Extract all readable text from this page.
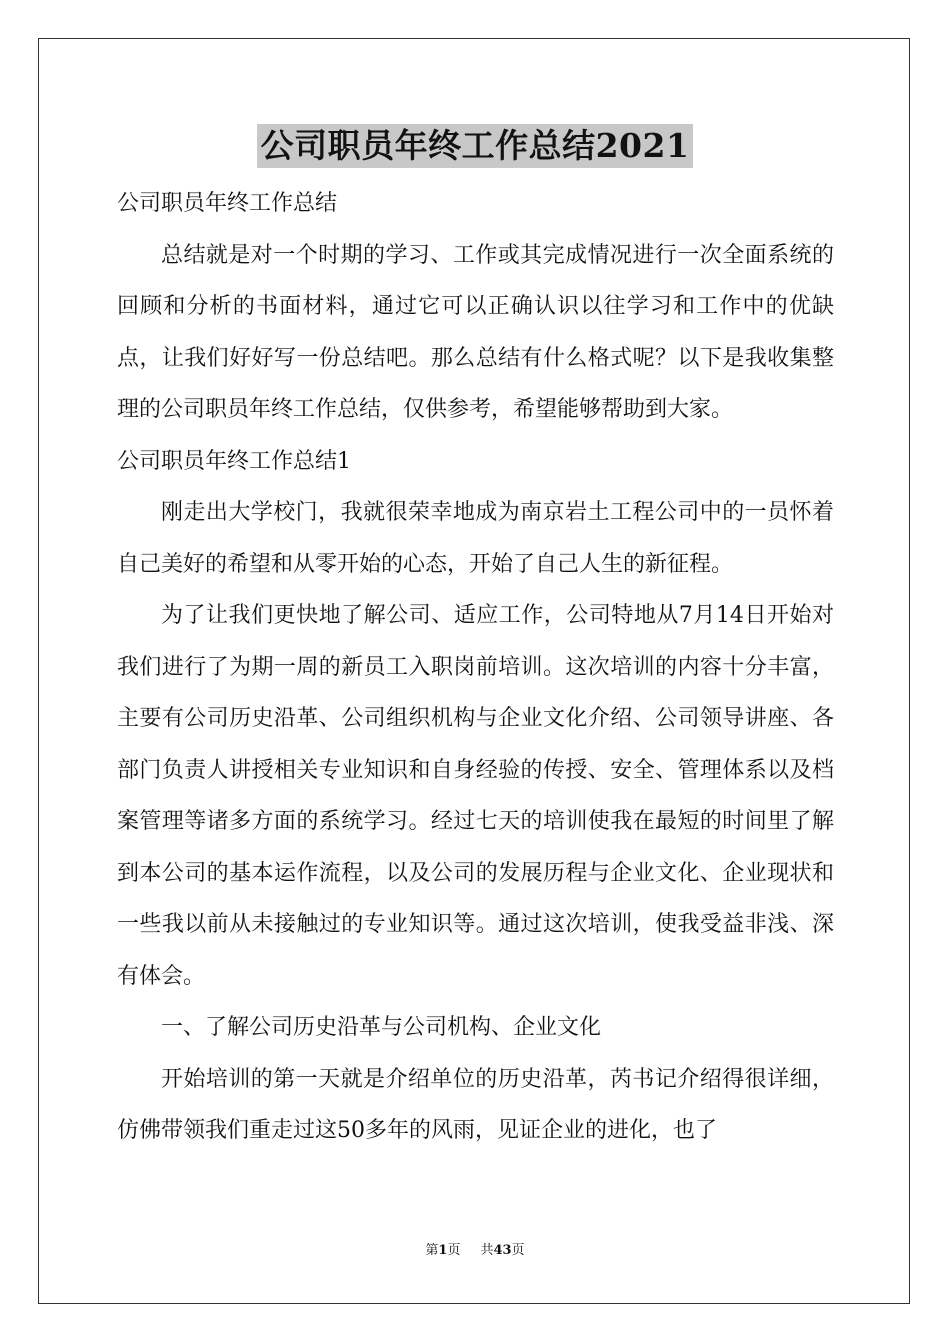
公司职员年终工作总结2021

公司职员年终工作总结

总结就是对一个时期的学习、工作或其完成情况进行一次全面系统的回顾和分析的书面材料，通过它可以正确认识以往学习和工作中的优缺点，让我们好好写一份总结吧。那么总结有什么格式呢？以下是我收集整理的公司职员年终工作总结，仅供参考，希望能够帮助到大家。

公司职员年终工作总结1

刚走出大学校门，我就很荣幸地成为南京岩土工程公司中的一员怀着自己美好的希望和从零开始的心态，开始了自己人生的新征程。

为了让我们更快地了解公司、适应工作，公司特地从7月14日开始对我们进行了为期一周的新员工入职岗前培训。这次培训的内容十分丰富，主要有公司历史沿革、公司组织机构与企业文化介绍、公司领导讲座、各部门负责人讲授相关专业知识和自身经验的传授、安全、管理体系以及档案管理等诸多方面的系统学习。经过七天的培训使我在最短的时间里了解到本公司的基本运作流程，以及公司的发展历程与企业文化、企业现状和一些我以前从未接触过的专业知识等。通过这次培训，使我受益非浅、深有体会。

一、了解公司历史沿革与公司机构、企业文化

开始培训的第一天就是介绍单位的历史沿革，芮书记介绍得很详细，仿佛带领我们重走过这50多年的风雨，见证企业的进化，也了

第1页 共43页
